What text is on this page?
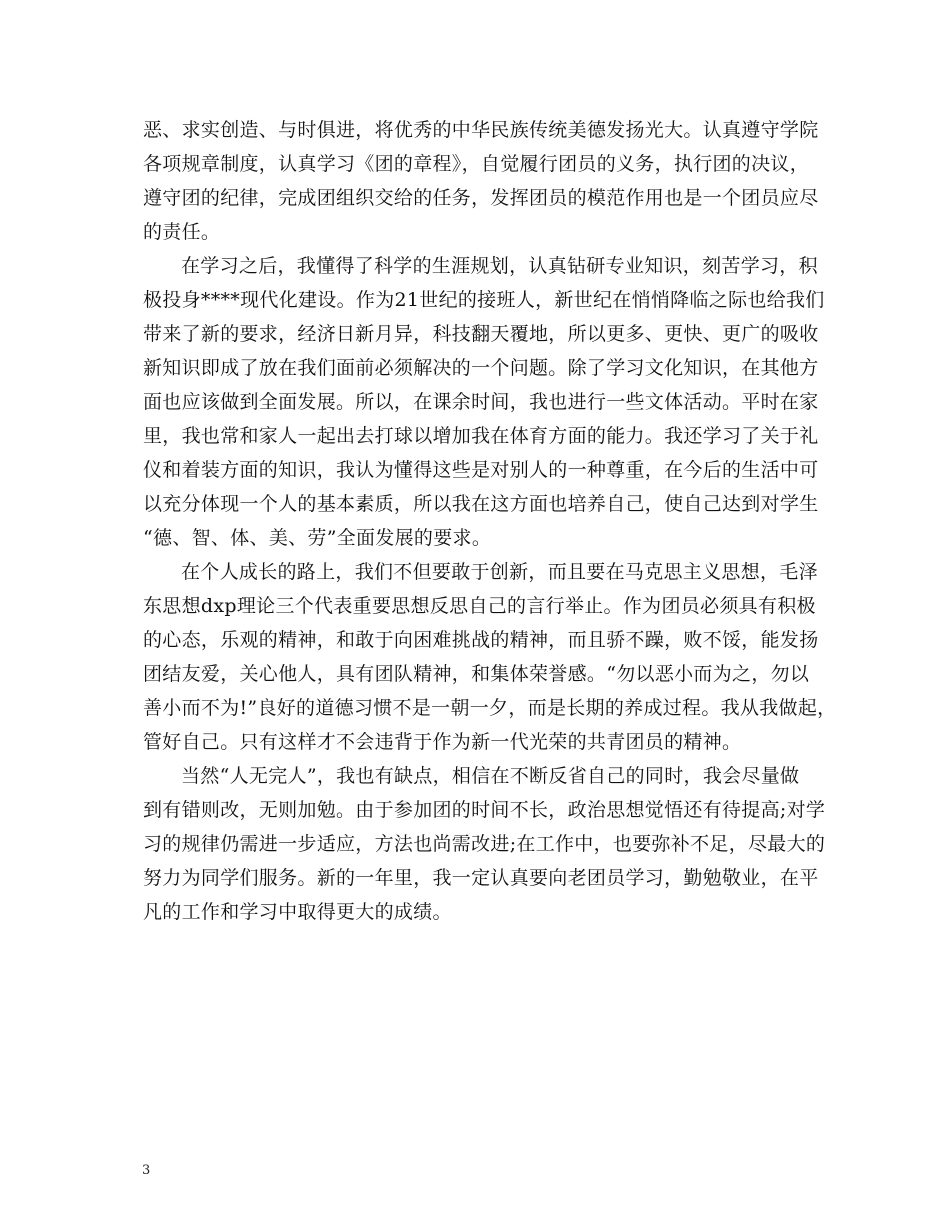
恶、求实创造、与时俱进，将优秀的中华民族传统美德发扬光大。认真遵守学院
各项规章制度，认真学习《团的章程》，自觉履行团员的义务，执行团的决议，
遵守团的纪律，完成团组织交给的任务，发挥团员的模范作用也是一个团员应尽
的责任。
在学习之后，我懂得了科学的生涯规划，认真钻研专业知识，刻苦学习，积
极投身****现代化建设。作为21世纪的接班人，新世纪在悄悄降临之际也给我们
带来了新的要求，经济日新月异，科技翻天覆地，所以更多、更快、更广的吸收
新知识即成了放在我们面前必须解决的一个问题。除了学习文化知识，在其他方
面也应该做到全面发展。所以，在课余时间，我也进行一些文体活动。平时在家
里，我也常和家人一起出去打球以增加我在体育方面的能力。我还学习了关于礼
仪和着装方面的知识，我认为懂得这些是对别人的一种尊重，在今后的生活中可
以充分体现一个人的基本素质，所以我在这方面也培养自己，使自己达到对学生
“德、智、体、美、劳”全面发展的要求。
在个人成长的路上，我们不但要敢于创新，而且要在马克思主义思想，毛泽
东思想dxp理论三个代表重要思想反思自己的言行举止。作为团员必须具有积极
的心态，乐观的精神，和敢于向困难挑战的精神，而且骄不躁，败不馁，能发扬
团结友爱，关心他人，具有团队精神，和集体荣誉感。“勿以恶小而为之，勿以
善小而不为!”良好的道德习惯不是一朝一夕，而是长期的养成过程。我从我做起，
管好自己。只有这样才不会违背于作为新一代光荣的共青团员的精神。
当然“人无完人”，我也有缺点，相信在不断反省自己的同时，我会尽量做
到有错则改，无则加勉。由于参加团的时间不长，政治思想觉悟还有待提高;对学
习的规律仍需进一步适应，方法也尚需改进;在工作中，也要弥补不足，尽最大的
努力为同学们服务。新的一年里，我一定认真要向老团员学习，勤勉敬业，在平
凡的工作和学习中取得更大的成绩。
3
